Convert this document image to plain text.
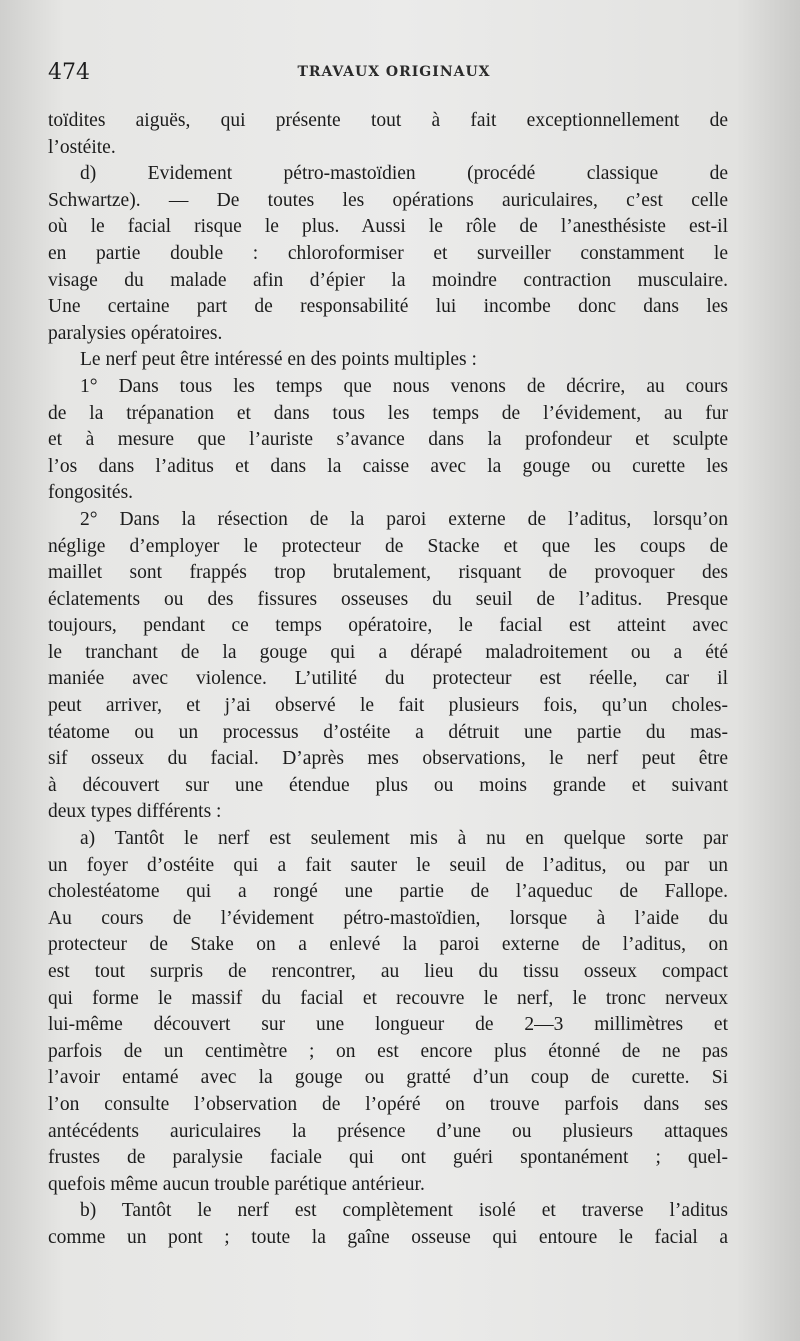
474	TRAVAUX ORIGINAUX
toïdites aiguës, qui présente tout à fait exceptionnellement de
l’ostéite.
d) Evidement pétro-mastoïdien (procédé classique de
Schwartze). — De toutes les opérations auriculaires, c’est celle
où le facial risque le plus. Aussi le rôle de l’anesthésiste est-il
en partie double : chloroformiser et surveiller constamment le
visage du malade afin d’épier la moindre contraction musculaire.
Une certaine part de responsabilité lui incombe donc dans les
paralysies opératoires.
Le nerf peut être intéressé en des points multiples :
1° Dans tous les temps que nous venons de décrire, au cours
de la trépanation et dans tous les temps de l’évidement, au fur
et à mesure que l’auriste s’avance dans la profondeur et sculpte
l’os dans l’aditus et dans la caisse avec la gouge ou curette les
fongosités.
2° Dans la résection de la paroi externe de l’aditus, lorsqu’on
néglige d’employer le protecteur de Stacke et que les coups de
maillet sont frappés trop brutalement, risquant de provoquer des
éclatements ou des fissures osseuses du seuil de l’aditus. Presque
toujours, pendant ce temps opératoire, le facial est atteint avec
le tranchant de la gouge qui a dérapé maladroitement ou a été
maniée avec violence. L’utilité du protecteur est réelle, car il
peut arriver, et j’ai observé le fait plusieurs fois, qu’un choles-
téatome ou un processus d’ostéite a détruit une partie du mas-
sif osseux du facial. D’après mes observations, le nerf peut être
à découvert sur une étendue plus ou moins grande et suivant
deux types différents :
a) Tantôt le nerf est seulement mis à nu en quelque sorte par
un foyer d’ostéite qui a fait sauter le seuil de l’aditus, ou par un
cholestéatome qui a rongé une partie de l’aqueduc de Fallope.
Au cours de l’évidement pétro-mastoïdien, lorsque à l’aide du
protecteur de Stake on a enlevé la paroi externe de l’aditus, on
est tout surpris de rencontrer, au lieu du tissu osseux compact
qui forme le massif du facial et recouvre le nerf, le tronc nerveux
lui-même découvert sur une longueur de 2—3 millimètres et
parfois de un centimètre ; on est encore plus étonné de ne pas
l’avoir entamé avec la gouge ou gratté d’un coup de curette. Si
l’on consulte l’observation de l’opéré on trouve parfois dans ses
antécédents auriculaires la présence d’une ou plusieurs attaques
frustes de paralysie faciale qui ont guéri spontanément ; quel-
quefois même aucun trouble parétique antérieur.
b) Tantôt le nerf est complètement isolé et traverse l’aditus
comme un pont ; toute la gaîne osseuse qui entoure le facial a
